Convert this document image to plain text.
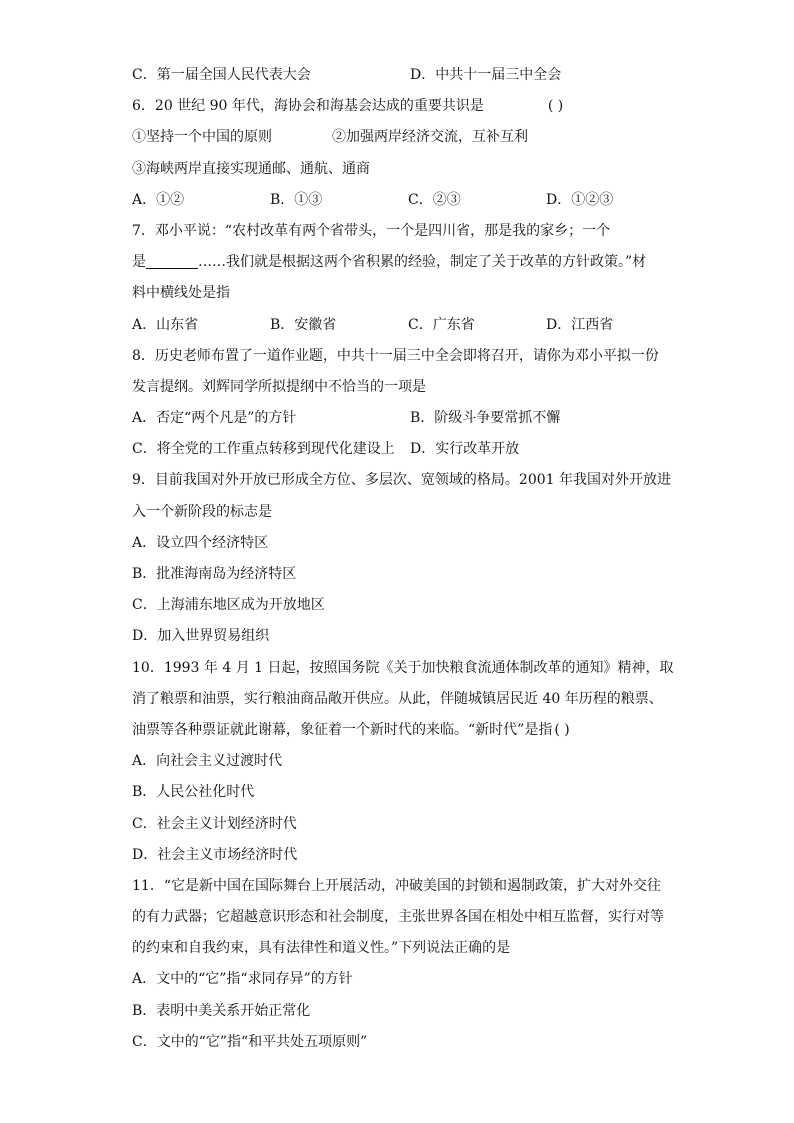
C．第一届全国人民代表大会	D．中共十一届三中全会
6．20 世纪 90 年代，海协会和海基会达成的重要共识是	( )
①坚持一个中国的原则	②加强两岸经济交流，互补互利
③海峡两岸直接实现通邮、通航、通商
A．①②	B．①③	C．②③	D．①②③
7．邓小平说：“农村改革有两个省带头，一个是四川省，那是我的家乡；一个
是	……我们就是根据这两个省积累的经验，制定了关于改革的方针政策。”材
料中横线处是指
A．山东省	B．安徽省	C．广东省	D．江西省
8．历史老师布置了一道作业题，中共十一届三中全会即将召开，请你为邓小平拟一份
发言提纲。刘辉同学所拟提纲中不恰当的一项是
A．否定“两个凡是”的方针	B．阶级斗争要常抓不懈
C．将全党的工作重点转移到现代化建设上	D．实行改革开放
9．目前我国对外开放已形成全方位、多层次、宽领域的格局。2001 年我国对外开放进
入一个新阶段的标志是
A．设立四个经济特区
B．批准海南岛为经济特区
C．上海浦东地区成为开放地区
D．加入世界贸易组织
10．1993 年 4 月 1 日起，按照国务院《关于加快粮食流通体制改革的通知》精神，取
消了粮票和油票，实行粮油商品敞开供应。从此，伴随城镇居民近 40 年历程的粮票、
油票等各种票证就此谢幕，象征着一个新时代的来临。“新时代”是指 ( )
A．向社会主义过渡时代
B．人民公社化时代
C．社会主义计划经济时代
D．社会主义市场经济时代
11．“它是新中国在国际舞台上开展活动，冲破美国的封锁和遏制政策，扩大对外交往
的有力武器；它超越意识形态和社会制度，主张世界各国在相处中相互监督，实行对等
的约束和自我约束，具有法律性和道义性。”下列说法正确的是
A．文中的“它”指“求同存异”的方针
B．表明中美关系开始正常化
C．文中的“它”指“和平共处五项原则”
